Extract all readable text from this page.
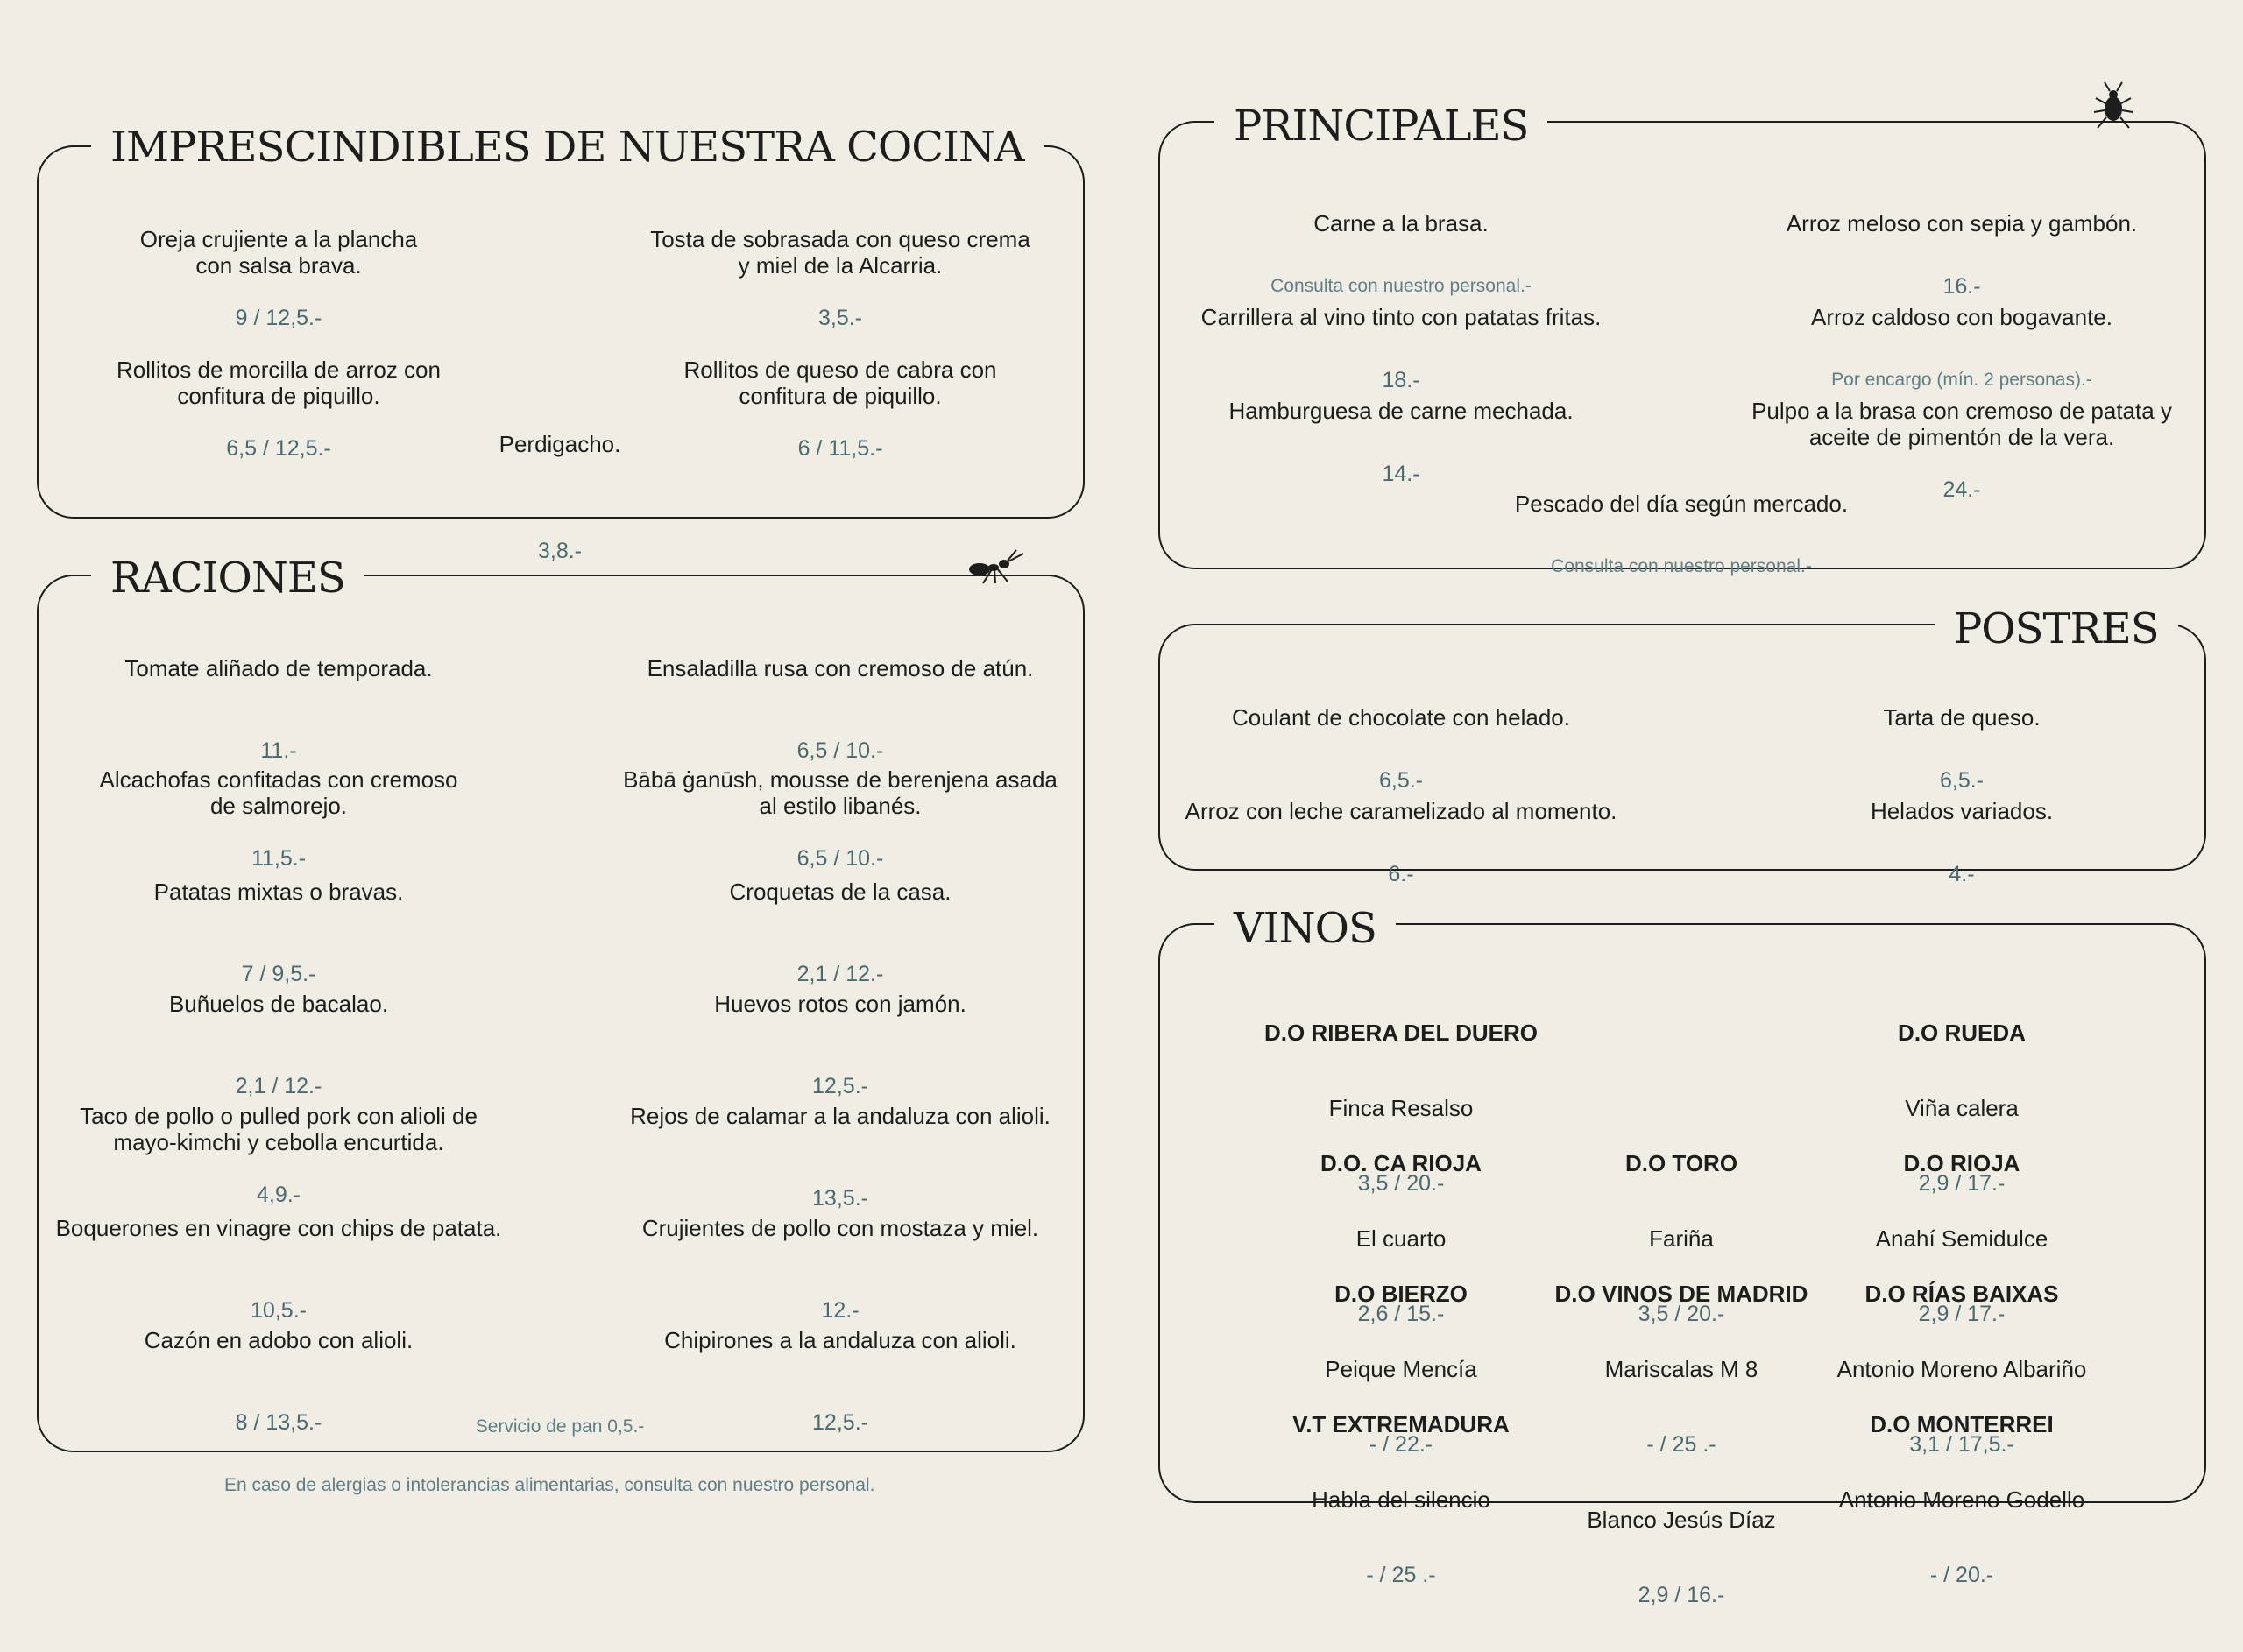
IMPRESCINDIBLES DE NUESTRA COCINA

Oreja crujiente a la plancha
con salsa brava.

9 / 12,5.-

Tosta de sobrasada con queso crema
y miel de la Alcarria.

3,5.-

Rollitos de morcilla de arroz con
confitura de piquillo.

6,5 / 12,5.-

Rollitos de queso de cabra con
confitura de piquillo.

6 / 11,5.-

Perdigacho.

3,8.-

RACIONES

Tomate aliñado de temporada.

11.-

Ensaladilla rusa con cremoso de atún.

6,5 / 10.-

Alcachofas confitadas con cremoso
de salmorejo.

11,5.-

Bābā ġanūsh, mousse de berenjena asada
al estilo libanés.

6,5 / 10.-

Patatas mixtas o bravas.

7 / 9,5.-

Croquetas de la casa.

2,1 / 12.-

Buñuelos de bacalao.

2,1 / 12.-

Huevos rotos con jamón.

12,5.-

Taco de pollo o pulled pork con alioli de
mayo-kimchi y cebolla encurtida.

4,9.-

Rejos de calamar a la andaluza con alioli.

13,5.-

Boquerones en vinagre con chips de patata.

10,5.-

Crujientes de pollo con mostaza y miel.

12.-

Cazón en adobo con alioli.

8 / 13,5.-

Chipirones a la andaluza con alioli.

12,5.-

Servicio de pan 0,5.-
En caso de alergias o intolerancias alimentarias, consulta con nuestro personal.
PRINCIPALES

Carne a la brasa.

Consulta con nuestro personal.-

Arroz meloso con sepia y gambón.

16.-

Carrillera al vino tinto con patatas fritas.

18.-

Arroz caldoso con bogavante.

Por encargo (mín. 2 personas).-

Hamburguesa de carne mechada.

14.-

Pulpo a la brasa con cremoso de patata y
aceite de pimentón de la vera.

24.-

Pescado del día según mercado.

Consulta con nuestro personal.-

POSTRES

Coulant de chocolate con helado.

6,5.-

Tarta de queso.

6,5.-

Arroz con leche caramelizado al momento.

6.-

Helados variados.

4.-

VINOS

D.O RIBERA DEL DUERO

Finca Resalso

3,5 / 20.-

D.O RUEDA

Viña calera

2,9 / 17.-

D.O. CA RIOJA

El cuarto

2,6 / 15.-

D.O TORO

Fariña

3,5 / 20.-

D.O RIOJA

Anahí Semidulce

2,9 / 17.-

D.O BIERZO

Peique Mencía

- / 22.-

D.O VINOS DE MADRID

Mariscalas M 8

- / 25 .-

Blanco Jesús Díaz

2,9 / 16.-

D.O RÍAS BAIXAS

Antonio Moreno Albariño

3,1 / 17,5.-

V.T EXTREMADURA

Habla del silencio

- / 25 .-

D.O MONTERREI

Antonio Moreno Godello

- / 20.-
